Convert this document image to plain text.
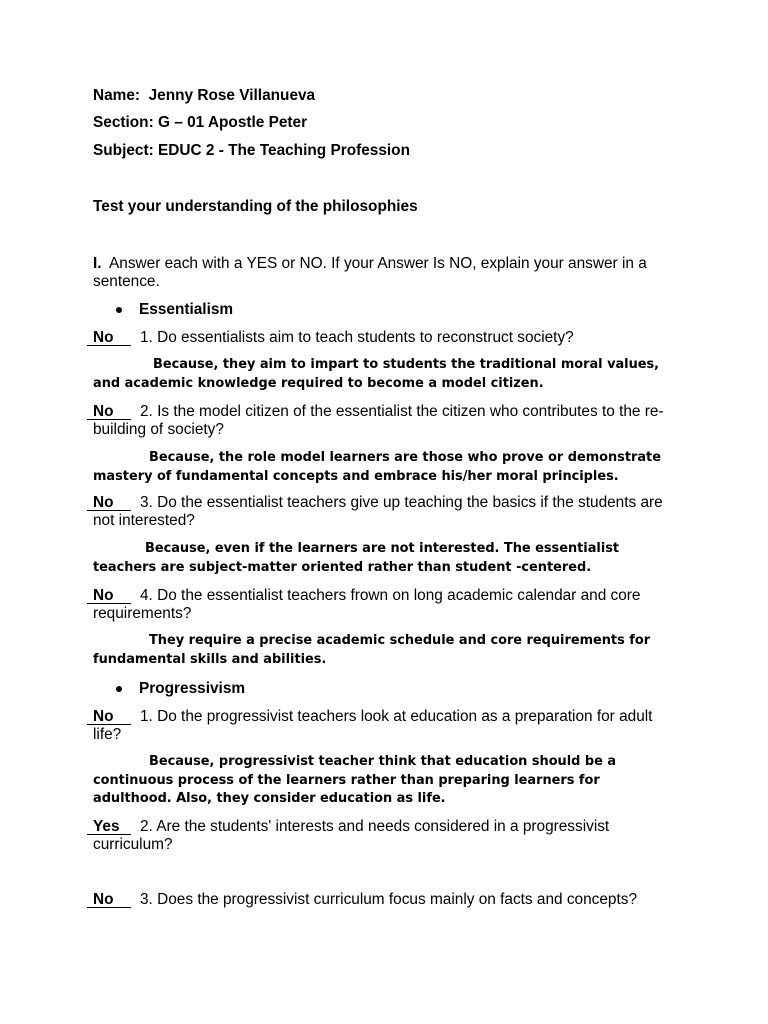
Name:  Jenny Rose Villanueva
Section: G – 01 Apostle Peter
Subject: EDUC 2 - The Teaching Profession
Test your understanding of the philosophies
I. Answer each with a YES or NO. If your Answer Is NO, explain your answer in a
sentence.
Essentialism
No 1. Do essentialists aim to teach students to reconstruct society?
Because, they aim to impart to students the traditional moral values,
and academic knowledge required to become a model citizen.
No 2. Is the model citizen of the essentialist the citizen who contributes to the re-
building of society?
Because, the role model learners are those who prove or demonstrate
mastery of fundamental concepts and embrace his/her moral principles.
No 3. Do the essentialist teachers give up teaching the basics if the students are
not interested?
Because, even if the learners are not interested. The essentialist
teachers are subject-matter oriented rather than student -centered.
No 4. Do the essentialist teachers frown on long academic calendar and core
requirements?
They require a precise academic schedule and core requirements for
fundamental skills and abilities.
Progressivism
No 1. Do the progressivist teachers look at education as a preparation for adult
life?
Because, progressivist teacher think that education should be a
continuous process of the learners rather than preparing learners for
adulthood. Also, they consider education as life.
Yes 2. Are the students' interests and needs considered in a progressivist
curriculum?
No 3. Does the progressivist curriculum focus mainly on facts and concepts?
